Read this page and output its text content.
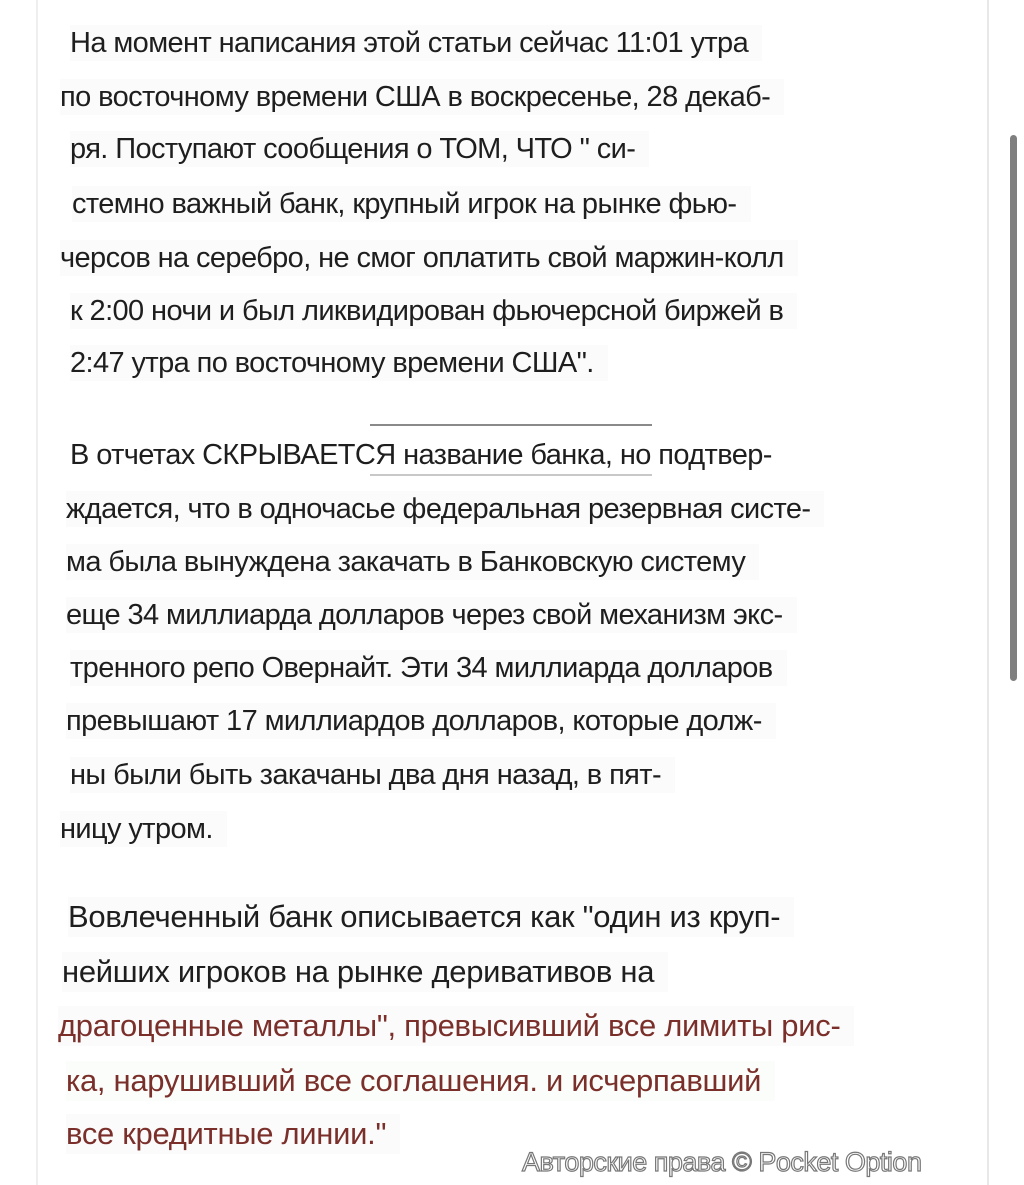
На момент написания этой статьи сейчас 11:01 утра
по восточному времени США в воскресенье, 28 декаб-
ря. Поступают сообщения о ТОМ, ЧТО " си-
стемно важный банк, крупный игрок на рынке фью-
черсов на серебро, не смог оплатить свой маржин-колл
к 2:00 ночи и был ликвидирован фьючерсной биржей в
2:47 утра по восточному времени США".
В отчетах СКРЫВАЕТСЯ название банка, но подтвер-
ждается, что в одночасье федеральная резервная систе-
ма была вынуждена закачать в Банковскую систему
еще 34 миллиарда долларов через свой механизм экс-
тренного репо Овернайт. Эти 34 миллиарда долларов
превышают 17 миллиардов долларов, которые долж-
ны были быть закачаны два дня назад, в пят-
ницу утром.
Вовлеченный банк описывается как "один из круп-
нейших игроков на рынке деривативов на
драгоценные металлы", превысивший все лимиты рис-
ка, нарушивший все соглашения. и исчерпавший
все кредитные линии."
Авторские права © Pocket Option
